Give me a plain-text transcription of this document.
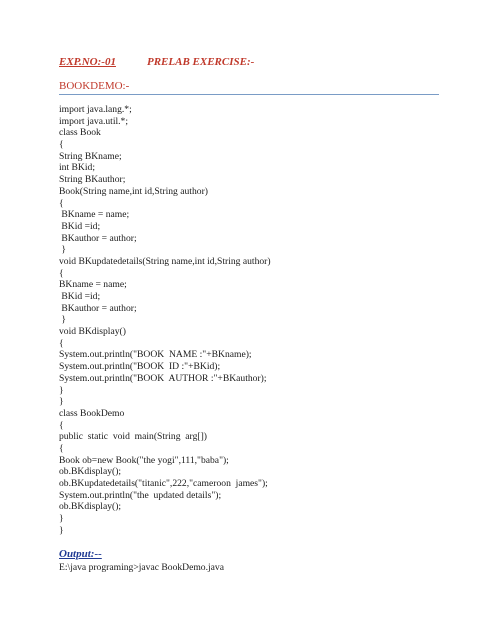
EXP.NO:-01	PRELAB EXERCISE:-
BOOKDEMO:-
import java.lang.*;
import java.util.*;
class Book
{
String BKname;
int BKid;
String BKauthor;
Book(String name,int id,String author)
{
BKname = name;
BKid =id;
BKauthor = author;
}
void BKupdatedetails(String name,int id,String author)
{
BKname = name;
BKid =id;
BKauthor = author;
}
void BKdisplay()
{
System.out.println("BOOK  NAME :"+BKname);
System.out.println("BOOK  ID :"+BKid);
System.out.println("BOOK  AUTHOR :"+BKauthor);
}
}
class BookDemo
{
public  static  void  main(String  arg[])
{
Book ob=new Book("the yogi",111,"baba");
ob.BKdisplay();
ob.BKupdatedetails("titanic",222,"cameroon  james");
System.out.println("the  updated details");
ob.BKdisplay();
}
}
Output:--
E:\java programing>javac BookDemo.java
